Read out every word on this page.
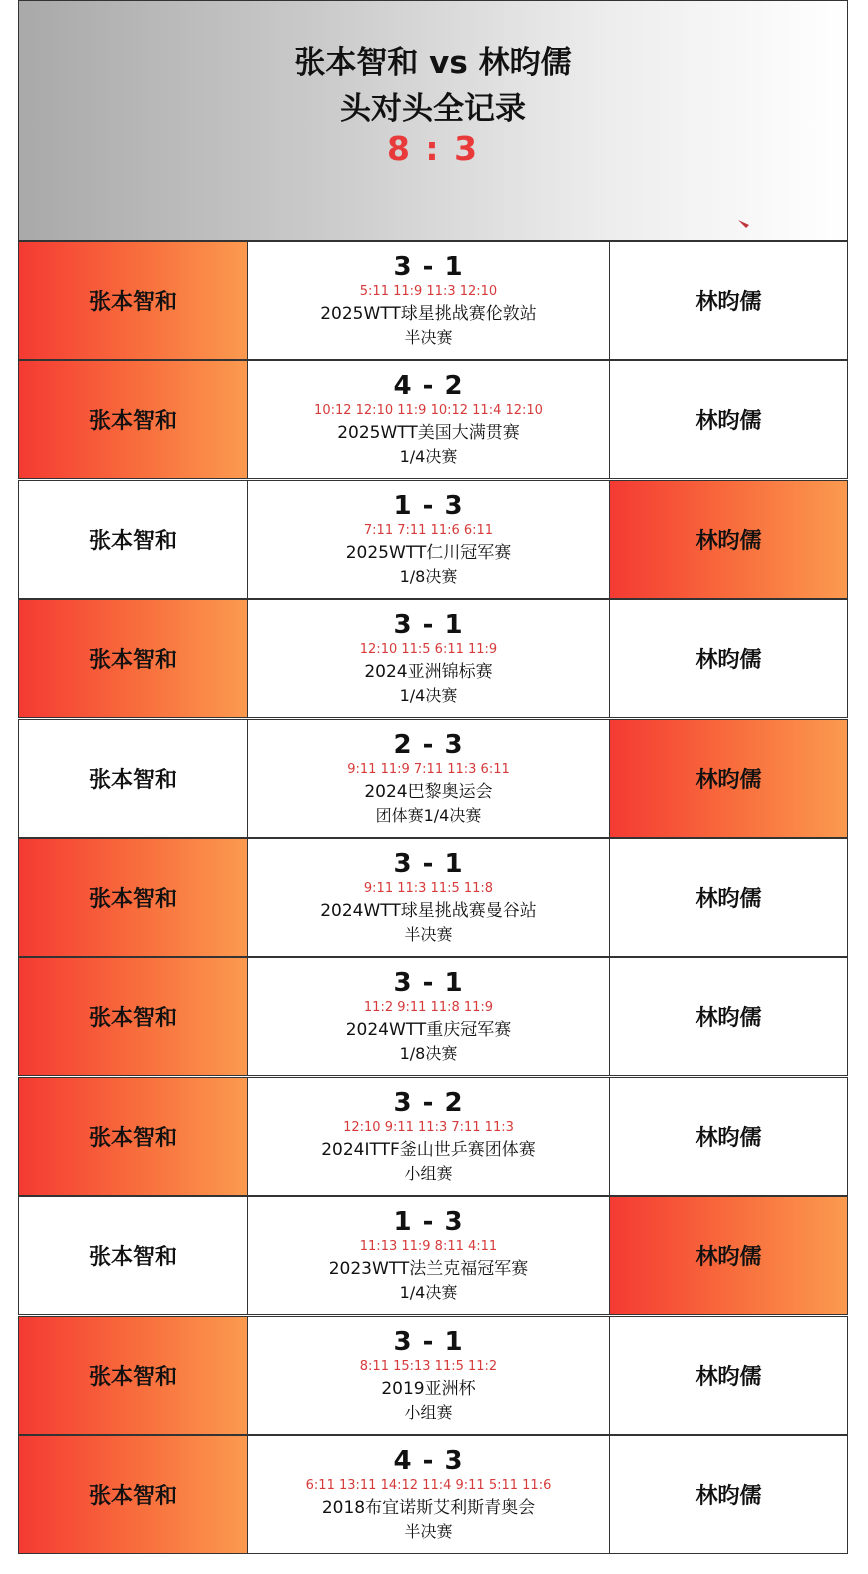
张本智和 vs 林昀儒
头对头全记录
8 : 3
张本智和
3 - 1
5:11 11:9 11:3 12:10
2025WTT球星挑战赛伦敦站
半决赛
林昀儒
张本智和
4 - 2
10:12 12:10 11:9 10:12 11:4 12:10
2025WTT美国大满贯赛
1/4决赛
林昀儒
张本智和
1 - 3
7:11 7:11 11:6 6:11
2025WTT仁川冠军赛
1/8决赛
林昀儒
张本智和
3 - 1
12:10 11:5 6:11 11:9
2024亚洲锦标赛
1/4决赛
林昀儒
张本智和
2 - 3
9:11 11:9 7:11 11:3 6:11
2024巴黎奥运会
团体赛1/4决赛
林昀儒
张本智和
3 - 1
9:11 11:3 11:5 11:8
2024WTT球星挑战赛曼谷站
半决赛
林昀儒
张本智和
3 - 1
11:2 9:11 11:8 11:9
2024WTT重庆冠军赛
1/8决赛
林昀儒
张本智和
3 - 2
12:10 9:11 11:3 7:11 11:3
2024ITTF釜山世乒赛团体赛
小组赛
林昀儒
张本智和
1 - 3
11:13 11:9 8:11 4:11
2023WTT法兰克福冠军赛
1/4决赛
林昀儒
张本智和
3 - 1
8:11 15:13 11:5 11:2
2019亚洲杯
小组赛
林昀儒
张本智和
4 - 3
6:11 13:11 14:12 11:4 9:11 5:11 11:6
2018布宜诺斯艾利斯青奥会
半决赛
林昀儒
